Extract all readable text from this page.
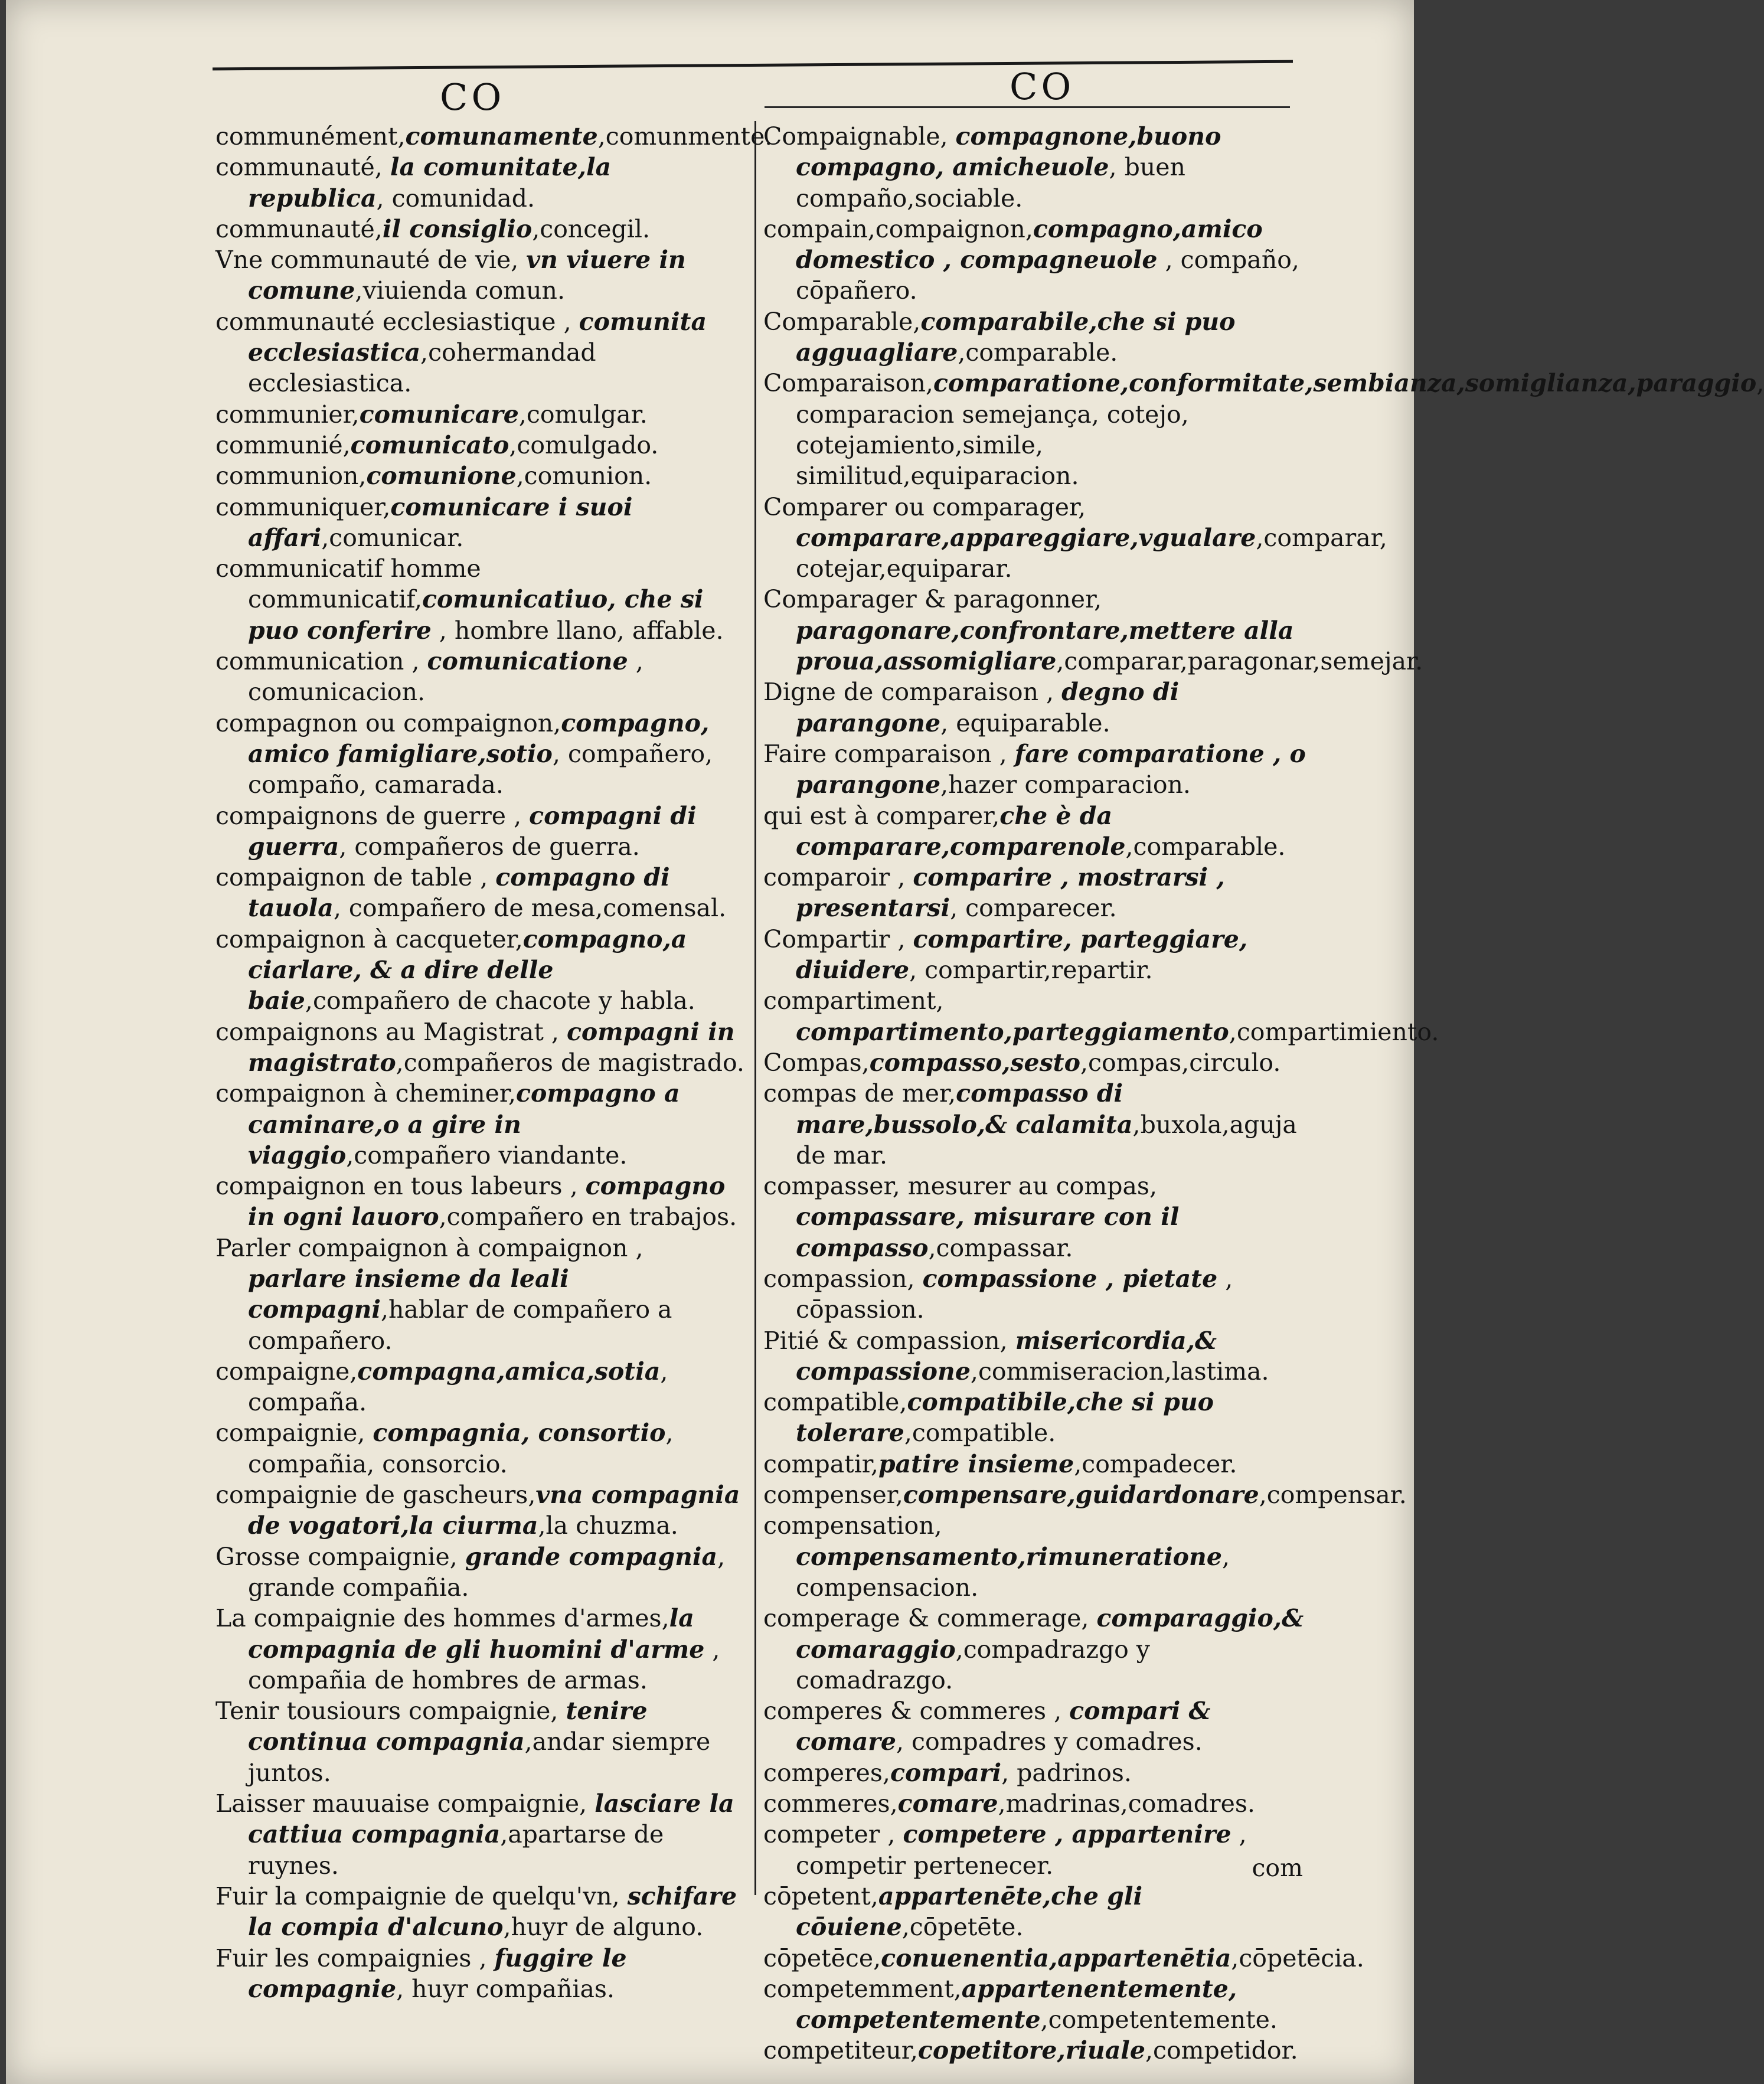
CO	CO
communément,comunamente,comunmente.
communauté, la comunitate,la republica, comunidad.
communauté,il consiglio,concegil.
Vne communauté de vie, vn viuere in comune,viuienda comun.
communauté ecclesiastique , comunita ecclesiastica,cohermandad ecclesiastica.
communier,comunicare,comulgar.
communié,comunicato,comulgado.
communion,comunione,comunion.
communiquer,comunicare i suoi affari,comunicar.
communicatif homme communicatif,comunicatiuo, che si puo conferire , hombre llano, affable.
communication , comunicatione , comunicacion.
compagnon ou compaignon,compagno, amico famigliare,sotio, compañero, compaño, camarada.
compaignons de guerre , compagni di guerra, compañeros de guerra.
compaignon de table , compagno di tauola, compañero de mesa,comensal.
compaignon à cacqueter,compagno,a ciarlare, & a dire delle baie,compañero de chacote y habla.
compaignons au Magistrat , compagni in magistrato,compañeros de magistrado.
compaignon à cheminer,compagno a caminare,o a gire in viaggio,compañero viandante.
compaignon en tous labeurs , compagno in ogni lauoro,compañero en trabajos.
Parler compaignon à compaignon , parlare insieme da leali compagni,hablar de compañero a compañero.
compaigne,compagna,amica,sotia, compaña.
compaignie, compagnia, consortio, compañia, consorcio.
compaignie de gascheurs,vna compagnia de vogatori,la ciurma,la chuzma.
Grosse compaignie, grande compagnia, grande compañia.
La compaignie des hommes d'armes,la compagnia de gli huomini d'arme , compañia de hombres de armas.
Tenir tousiours compaignie, tenire continua compagnia,andar siempre juntos.
Laisser mauuaise compaignie, lasciare la cattiua compagnia,apartarse de ruynes.
Fuir la compaignie de quelqu'vn, schifare la compia d'alcuno,huyr de alguno.
Fuir les compaignies , fuggire le compagnie, huyr compañias.
Compaignable, compagnone,buono compagno, amicheuole, buen compaño,sociable.
compain,compaignon,compagno,amico domestico , compagneuole , compaño, cōpañero.
Comparable,comparabile,che si puo agguagliare,comparable.
Comparaison,comparatione,conformitate,sembianza,somiglianza,paraggio, comparacion semejança, cotejo, cotejamiento,simile, similitud,equiparacion.
Comparer ou comparager, comparare,appareggiare,vgualare,comparar, cotejar,equiparar.
Comparager & paragonner, paragonare,confrontare,mettere alla proua,assomigliare,comparar,paragonar,semejar.
Digne de comparaison , degno di parangone, equiparable.
Faire comparaison , fare comparatione , o parangone,hazer comparacion.
qui est à comparer,che è da comparare,comparenole,comparable.
comparoir , comparire , mostrarsi , presentarsi, comparecer.
Compartir , compartire, parteggiare, diuidere, compartir,repartir.
compartiment, compartimento,parteggiamento,compartimiento.
Compas,compasso,sesto,compas,circulo.
compas de mer,compasso di mare,bussolo,& calamita,buxola,aguja de mar.
compasser, mesurer au compas, compassare, misurare con il compasso,compassar.
compassion, compassione , pietate , cōpassion.
Pitié & compassion, misericordia,& compassione,commiseracion,lastima.
compatible,compatibile,che si puo tolerare,compatible.
compatir,patire insieme,compadecer.
compenser,compensare,guidardonare,compensar.
compensation, compensamento,rimuneratione, compensacion.
comperage & commerage, comparaggio,& comaraggio,compadrazgo y comadrazgo.
comperes & commeres , compari & comare, compadres y comadres.
comperes,compari, padrinos.
commeres,comare,madrinas,comadres.
competer , competere , appartenire , competir pertenecer.
cōpetent,appartenēte,che gli cōuiene,cōpetēte.
cōpetēce,conuenentia,appartenētia,cōpetēcia.
competemment,appartenentemente, competentemente,competentemente.
competiteur,copetitore,riuale,competidor.
com
